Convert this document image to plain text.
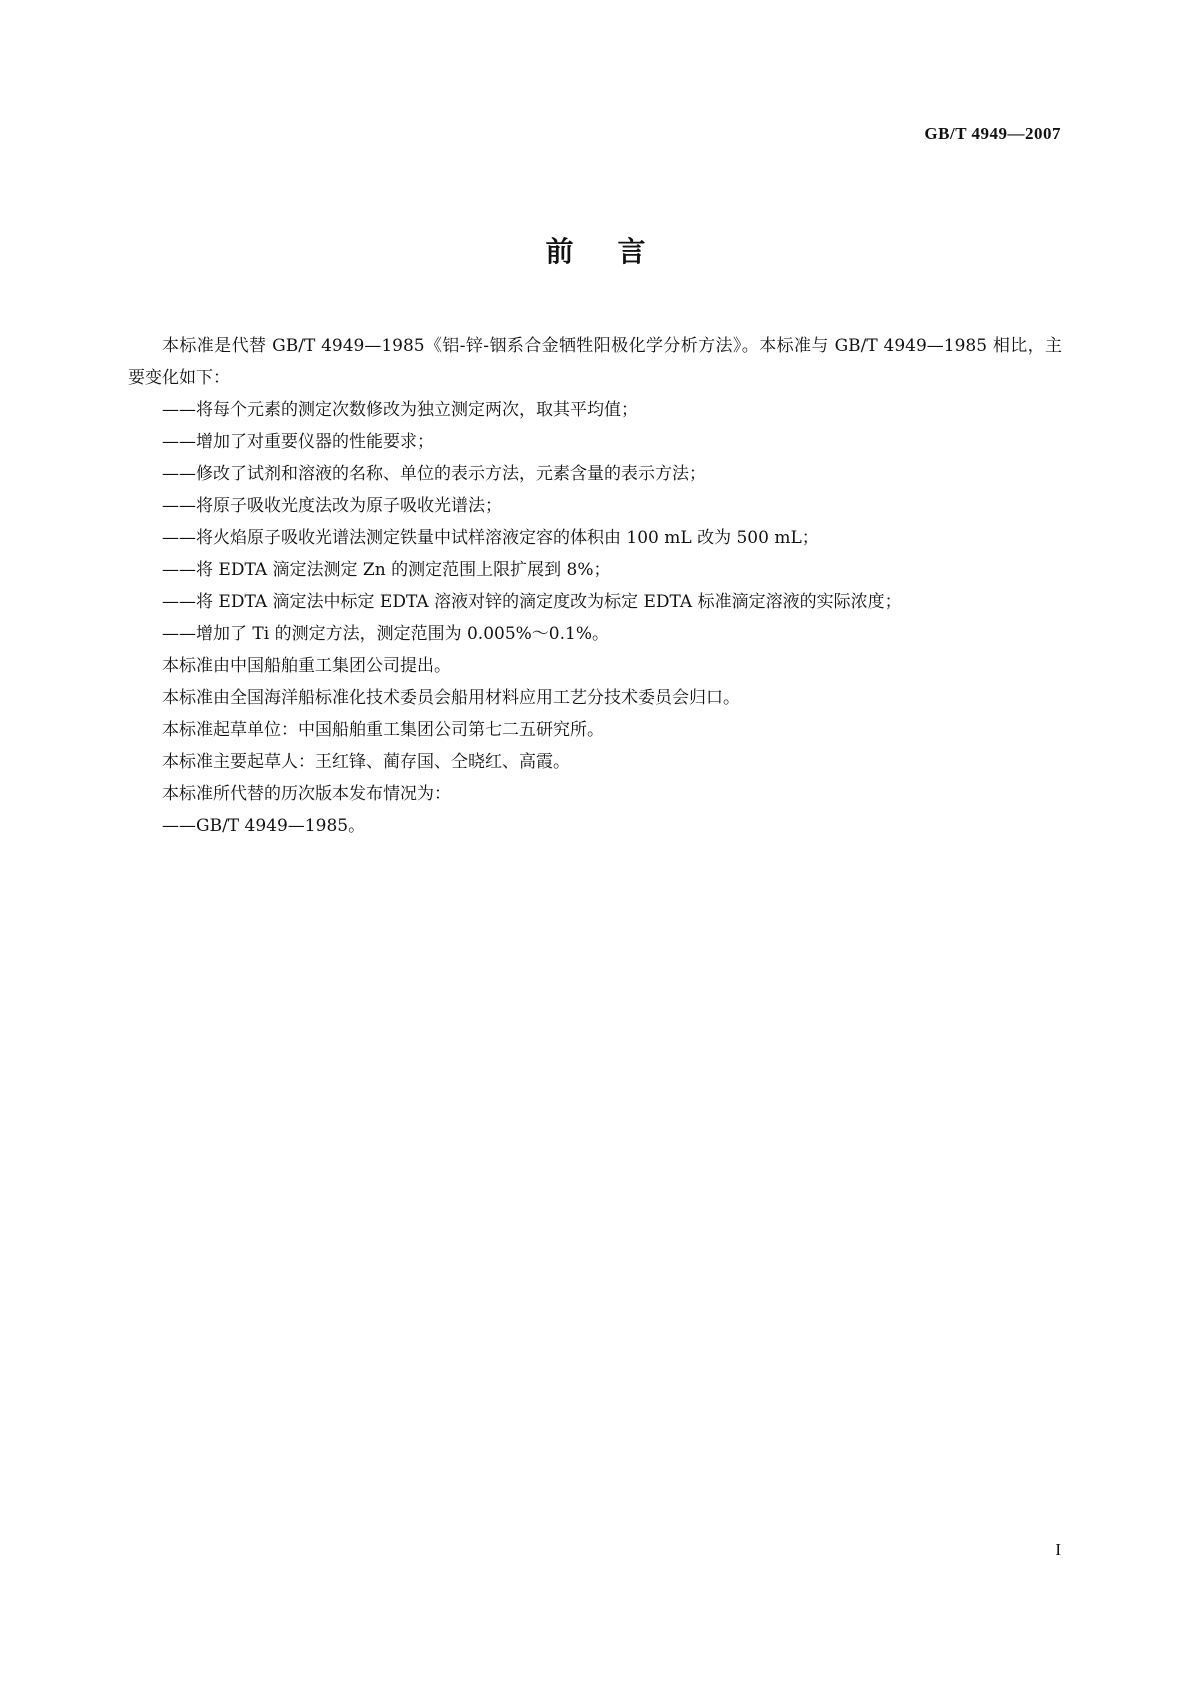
GB/T 4949—2007
前言

本标准是代替 GB/T 4949—1985《铝-锌-铟系合金牺牲阳极化学分析方法》。本标准与 GB/T 4949—1985 相比，主要变化如下：

——将每个元素的测定次数修改为独立测定两次，取其平均值；
——增加了对重要仪器的性能要求；
——修改了试剂和溶液的名称、单位的表示方法，元素含量的表示方法；
——将原子吸收光度法改为原子吸收光谱法；
——将火焰原子吸收光谱法测定铁量中试样溶液定容的体积由 100 mL 改为 500 mL；
——将 EDTA 滴定法测定 Zn 的测定范围上限扩展到 8%；
——将 EDTA 滴定法中标定 EDTA 溶液对锌的滴定度改为标定 EDTA 标准滴定溶液的实际浓度；
——增加了 Ti 的测定方法，测定范围为 0.005%～0.1%。

本标准由中国船舶重工集团公司提出。

本标准由全国海洋船标准化技术委员会船用材料应用工艺分技术委员会归口。

本标准起草单位：中国船舶重工集团公司第七二五研究所。

本标准主要起草人：王红锋、蔺存国、仝晓红、高霞。

本标准所代替的历次版本发布情况为：

——GB/T 4949—1985。
I
